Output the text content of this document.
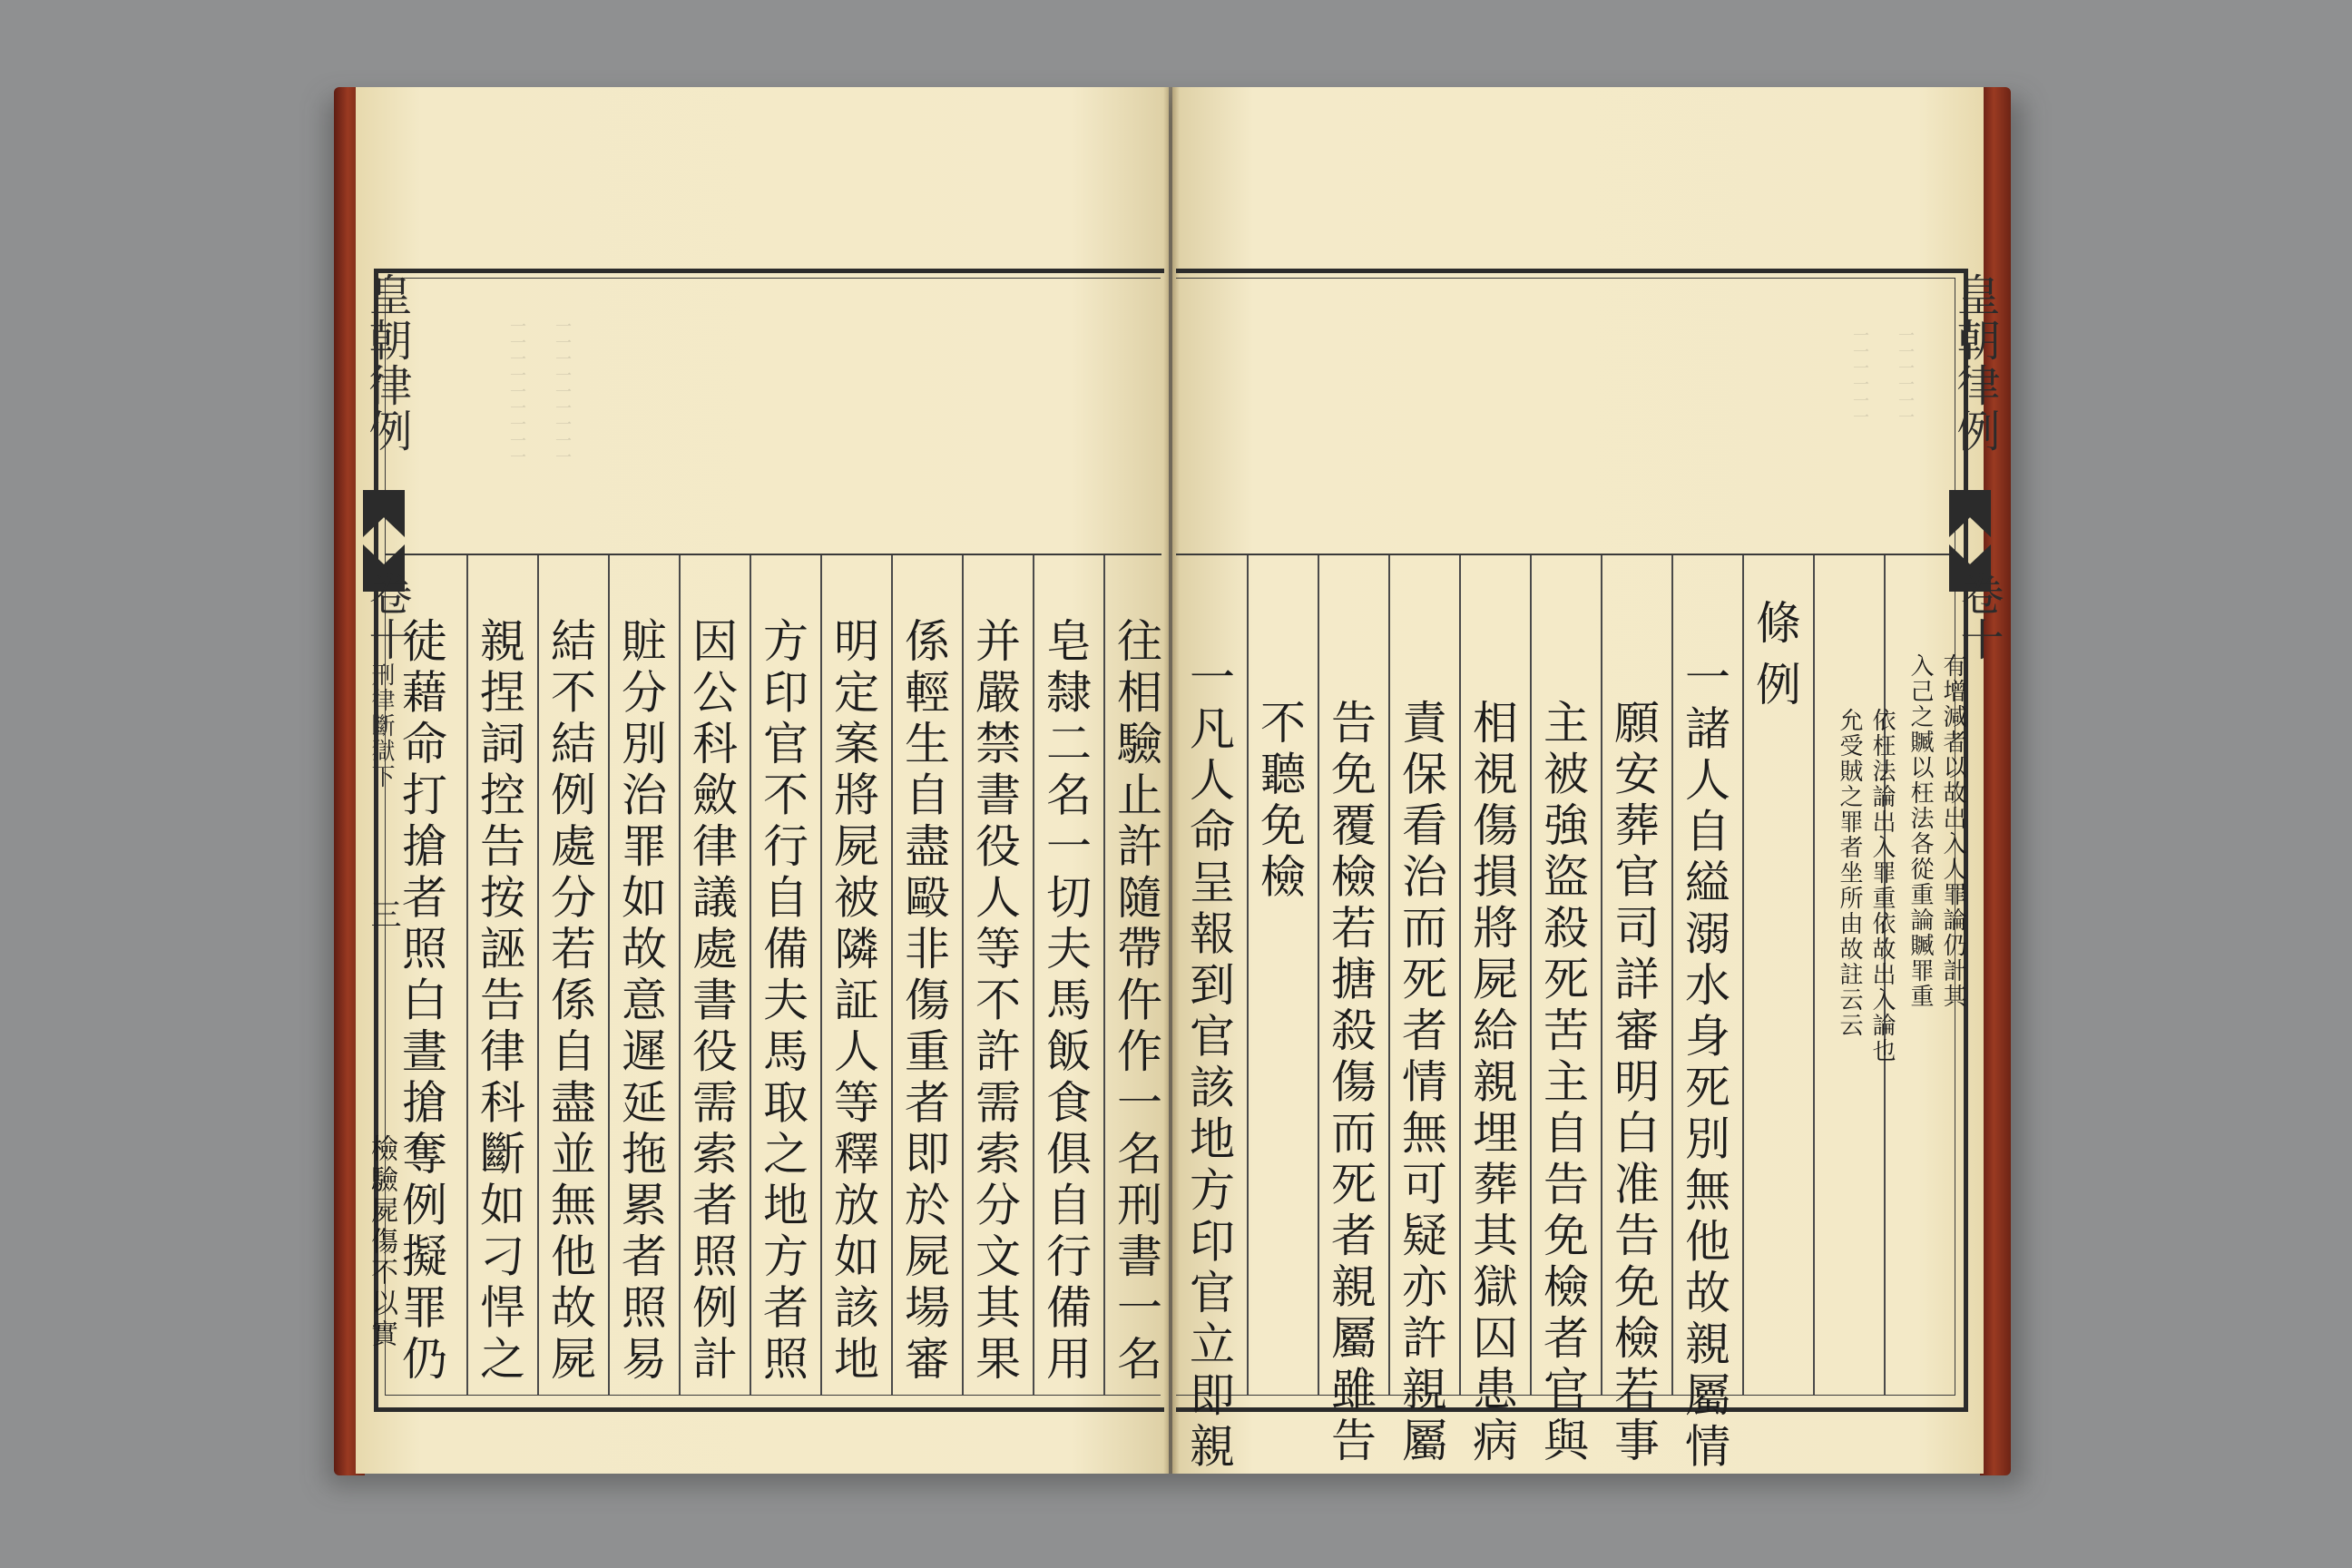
一一一一一一一一一 一一一一一一一一一	一一一一一一 一一一一一一
皇朝律例
卷十
刑律斷獄下
三
皇朝律例
卷十
徒藉命打搶者照白晝搶奪例擬罪仍 親捏詞控告按誣告律科斷如刁悍之 結不結例處分若係自盡並無他故屍 賍分別治罪如故意遲延拖累者照易 因公科斂律議處書役需索者照例計 方印官不行自備夫馬取之地方者照 明定案將屍被隣証人等釋放如該地 係輕生自盡毆非傷重者即於屍場審 并嚴禁書役人等不許需索分文其果 皂隸二名一切夫馬飯食俱自行備用 往相驗止許隨帶仵作一名刑書一名
檢驗屍傷不以實	一凡人命呈報到官該地方印官立即親 不聽免檢 告免覆檢若搪殺傷而死者親屬雖告 責保看治而死者情無可疑亦許親屬 相視傷損將屍給親埋葬其獄囚患病 主被強盜殺死苦主自告免檢者官與 願安葬官司詳審明白准告免檢若事 一諸人自縊溺水身死別無他故親屬情 條例
允受賊之罪者坐所由故註云云 依枉法論出入罪重依故出入論也 入己之贓以枉法各從重論贓罪重 有增減者以故出入人罪論仍計其
